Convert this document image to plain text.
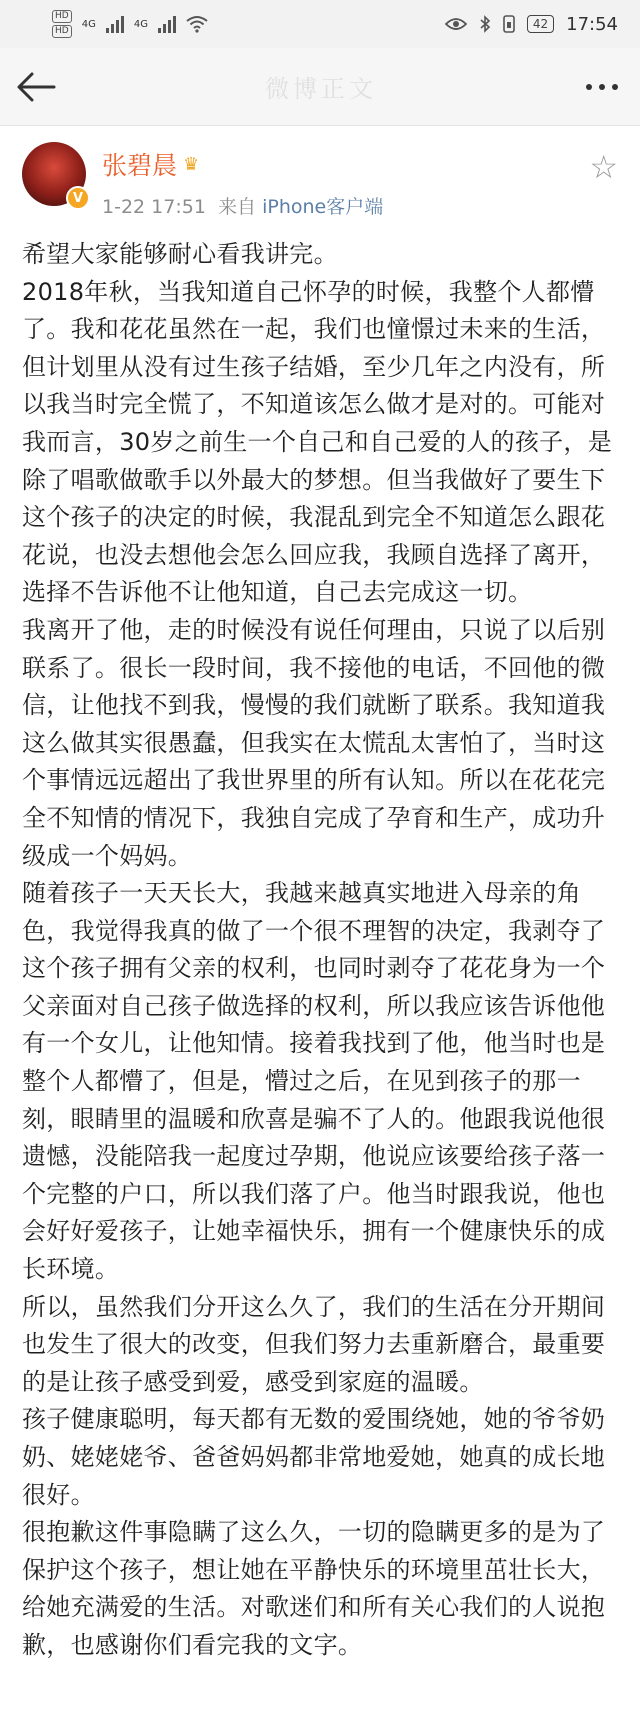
HD
HD
4G	4G	42	17:54
微博正文
V
张碧晨 ♛
1-22 17:51 来自 iPhone客户端
☆

希望大家能够耐心看我讲完。

2018年秋，当我知道自己怀孕的时候，我整个人都懵了。我和花花虽然在一起，我们也憧憬过未来的生活，但计划里从没有过生孩子结婚，至少几年之内没有，所以我当时完全慌了，不知道该怎么做才是对的。可能对我而言，30岁之前生一个自己和自己爱的人的孩子，是除了唱歌做歌手以外最大的梦想。但当我做好了要生下这个孩子的决定的时候，我混乱到完全不知道怎么跟花花说，也没去想他会怎么回应我，我顾自选择了离开，选择不告诉他不让他知道，自己去完成这一切。

我离开了他，走的时候没有说任何理由，只说了以后别联系了。很长一段时间，我不接他的电话，不回他的微信，让他找不到我，慢慢的我们就断了联系。我知道我这么做其实很愚蠢，但我实在太慌乱太害怕了，当时这个事情远远超出了我世界里的所有认知。所以在花花完全不知情的情况下，我独自完成了孕育和生产，成功升级成一个妈妈。

随着孩子一天天长大，我越来越真实地进入母亲的角色，我觉得我真的做了一个很不理智的决定，我剥夺了这个孩子拥有父亲的权利，也同时剥夺了花花身为一个父亲面对自己孩子做选择的权利，所以我应该告诉他他有一个女儿，让他知情。接着我找到了他，他当时也是整个人都懵了，但是，懵过之后，在见到孩子的那一刻，眼睛里的温暖和欣喜是骗不了人的。他跟我说他很遗憾，没能陪我一起度过孕期，他说应该要给孩子落一个完整的户口，所以我们落了户。他当时跟我说，他也会好好爱孩子，让她幸福快乐，拥有一个健康快乐的成长环境。

所以，虽然我们分开这么久了，我们的生活在分开期间也发生了很大的改变，但我们努力去重新磨合，最重要的是让孩子感受到爱，感受到家庭的温暖。

孩子健康聪明，每天都有无数的爱围绕她，她的爷爷奶奶、姥姥姥爷、爸爸妈妈都非常地爱她，她真的成长地很好。

很抱歉这件事隐瞒了这么久，一切的隐瞒更多的是为了保护这个孩子，想让她在平静快乐的环境里茁壮长大，给她充满爱的生活。对歌迷们和所有关心我们的人说抱歉，也感谢你们看完我的文字。
